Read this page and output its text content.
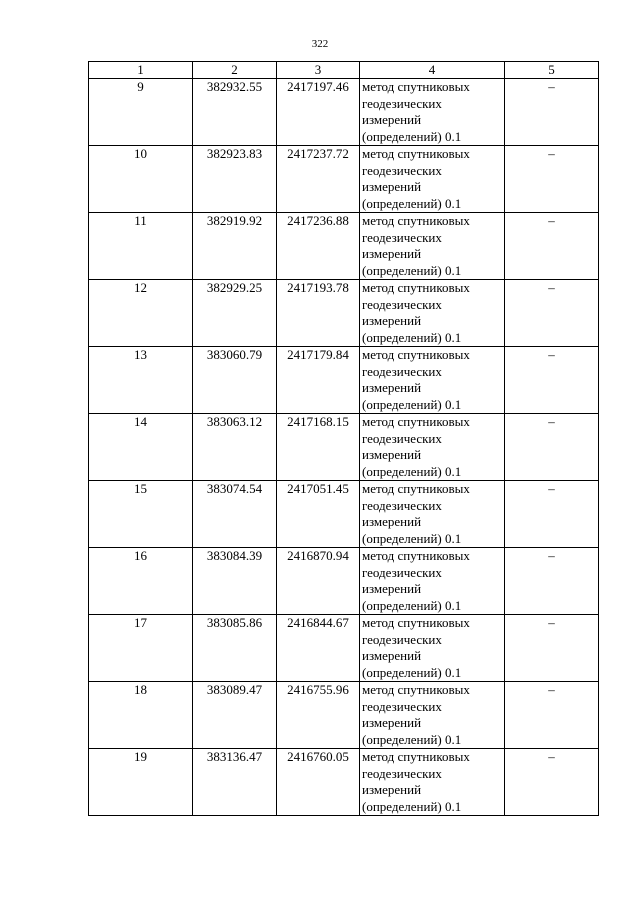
322
1	2	3	4	5
9	382932.55	2417197.46	метод спутниковых
геодезических
измерений
(определений) 0.1	–
10	382923.83	2417237.72	метод спутниковых
геодезических
измерений
(определений) 0.1	–
11	382919.92	2417236.88	метод спутниковых
геодезических
измерений
(определений) 0.1	–
12	382929.25	2417193.78	метод спутниковых
геодезических
измерений
(определений) 0.1	–
13	383060.79	2417179.84	метод спутниковых
геодезических
измерений
(определений) 0.1	–
14	383063.12	2417168.15	метод спутниковых
геодезических
измерений
(определений) 0.1	–
15	383074.54	2417051.45	метод спутниковых
геодезических
измерений
(определений) 0.1	–
16	383084.39	2416870.94	метод спутниковых
геодезических
измерений
(определений) 0.1	–
17	383085.86	2416844.67	метод спутниковых
геодезических
измерений
(определений) 0.1	–
18	383089.47	2416755.96	метод спутниковых
геодезических
измерений
(определений) 0.1	–
19	383136.47	2416760.05	метод спутниковых
геодезических
измерений
(определений) 0.1	–
